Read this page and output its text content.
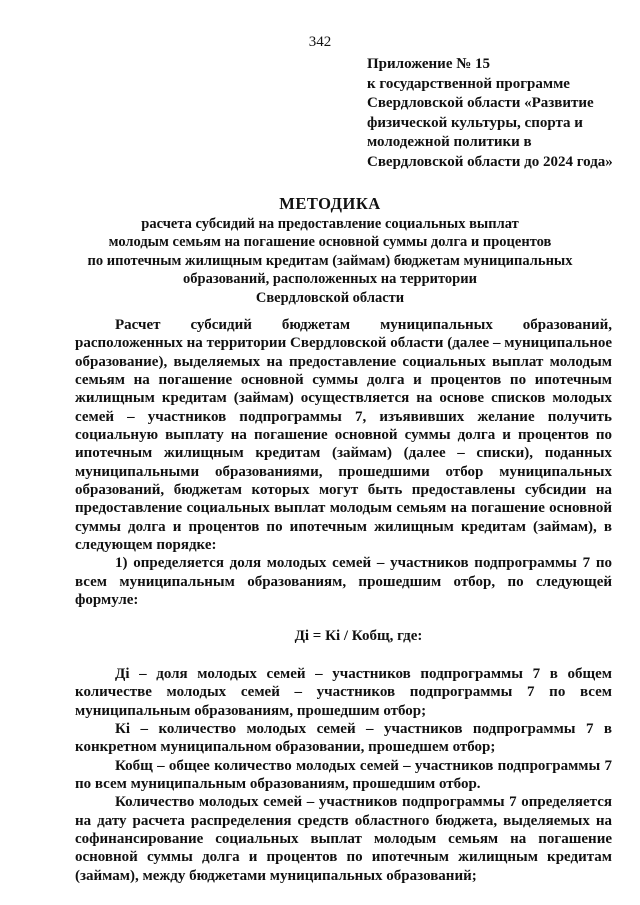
342
Приложение № 15
к государственной программе
Свердловской области «Развитие
физической культуры, спорта и
молодежной политики в
Свердловской области до 2024 года»
МЕТОДИКА
расчета субсидий на предоставление социальных выплат
молодым семьям на погашение основной суммы долга и процентов
по ипотечным жилищным кредитам (займам) бюджетам муниципальных
образований, расположенных на территории
Свердловской области

Расчет субсидий бюджетам муниципальных образований, расположенных на территории Свердловской области (далее – муниципальное образование), выделяемых на предоставление социальных выплат молодым семьям на погашение основной суммы долга и процентов по ипотечным жилищным кредитам (займам) осуществляется на основе списков молодых семей – участников подпрограммы 7, изъявивших желание получить социальную выплату на погашение основной суммы долга и процентов по ипотечным жилищным кредитам (займам) (далее – списки), поданных муниципальными образованиями, прошедшими отбор муниципальных образований, бюджетам которых могут быть предоставлены субсидии на предоставление социальных выплат молодым семьям на погашение основной суммы долга и процентов по ипотечным жилищным кредитам (займам), в следующем порядке:

1) определяется доля молодых семей – участников подпрограммы 7 по всем муниципальным образованиям, прошедшим отбор, по следующей формуле:

Дi = Кi / Кобщ, где:

Дi – доля молодых семей – участников подпрограммы 7 в общем количестве молодых семей – участников подпрограммы 7 по всем муниципальным образованиям, прошедшим отбор;

Кi – количество молодых семей – участников подпрограммы 7 в конкретном муниципальном образовании, прошедшем отбор;

Кобщ – общее количество молодых семей – участников подпрограммы 7 по всем муниципальным образованиям, прошедшим отбор.

Количество молодых семей – участников подпрограммы 7 определяется на дату расчета распределения средств областного бюджета, выделяемых на софинансирование социальных выплат молодым семьям на погашение основной суммы долга и процентов по ипотечным жилищным кредитам (займам), между бюджетами муниципальных образований;
